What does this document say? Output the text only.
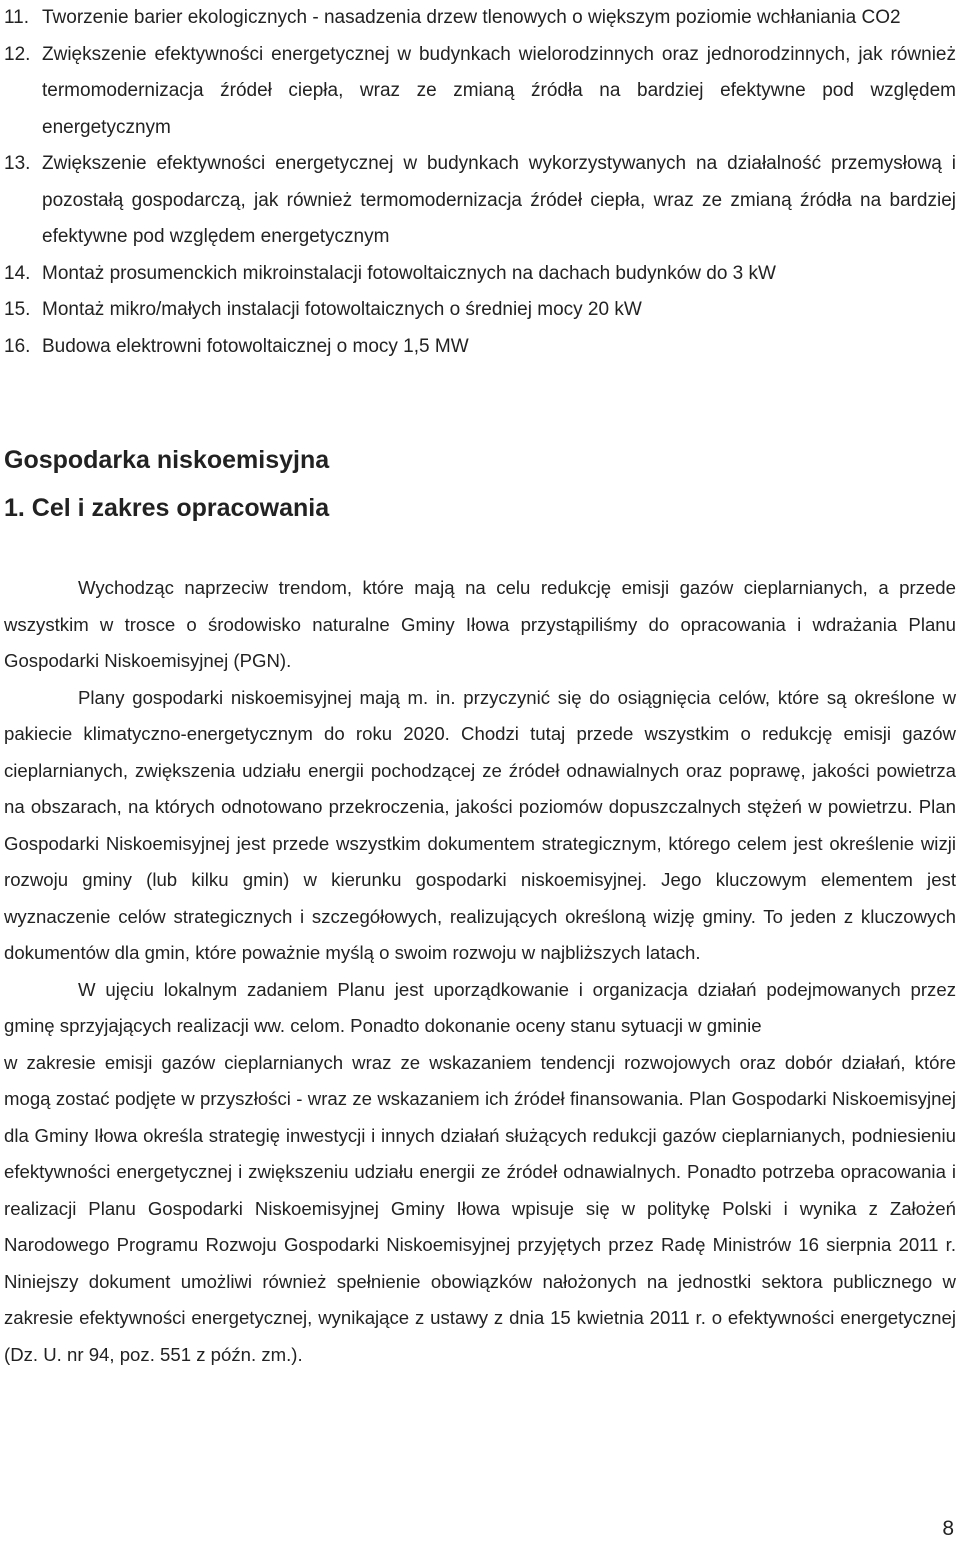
11. Tworzenie barier ekologicznych - nasadzenia drzew tlenowych o większym poziomie wchłaniania CO2
12. Zwiększenie efektywności energetycznej w budynkach wielorodzinnych oraz jednorodzinnych, jak również termomodernizacja źródeł ciepła, wraz ze zmianą źródła na bardziej efektywne pod względem energetycznym
13. Zwiększenie efektywności energetycznej w budynkach wykorzystywanych na działalność przemysłową i pozostałą gospodarczą, jak również termomodernizacja źródeł ciepła, wraz ze zmianą źródła na bardziej efektywne pod względem energetycznym
14. Montaż prosumenckich mikroinstalacji fotowoltaicznych na dachach budynków do 3 kW
15. Montaż mikro/małych instalacji fotowoltaicznych o średniej mocy 20 kW
16. Budowa elektrowni fotowoltaicznej o mocy 1,5 MW
Gospodarka niskoemisyjna
1. Cel i zakres opracowania

Wychodząc naprzeciw trendom, które mają na celu redukcję emisji gazów cieplarnianych, a przede wszystkim w trosce o środowisko naturalne Gminy Iłowa przystąpiliśmy do opracowania i wdrażania Planu Gospodarki Niskoemisyjnej (PGN).

Plany gospodarki niskoemisyjnej mają m. in. przyczynić się do osiągnięcia celów, które są określone w pakiecie klimatyczno-energetycznym do roku 2020. Chodzi tutaj przede wszystkim o redukcję emisji gazów cieplarnianych, zwiększenia udziału energii pochodzącej ze źródeł odnawialnych oraz poprawę, jakości powietrza na obszarach, na których odnotowano przekroczenia, jakości poziomów dopuszczalnych stężeń w powietrzu. Plan Gospodarki Niskoemisyjnej jest przede wszystkim dokumentem strategicznym, którego celem jest określenie wizji rozwoju gminy (lub kilku gmin) w kierunku gospodarki niskoemisyjnej. Jego kluczowym elementem jest wyznaczenie celów strategicznych i szczegółowych, realizujących określoną wizję gminy. To jeden z kluczowych dokumentów dla gmin, które poważnie myślą o swoim rozwoju w najbliższych latach.

W ujęciu lokalnym zadaniem Planu jest uporządkowanie i organizacja działań podejmowanych przez gminę sprzyjających realizacji ww. celom. Ponadto dokonanie oceny stanu sytuacji w gminie

w zakresie emisji gazów cieplarnianych wraz ze wskazaniem tendencji rozwojowych oraz dobór działań, które mogą zostać podjęte w przyszłości - wraz ze wskazaniem ich źródeł finansowania. Plan Gospodarki Niskoemisyjnej dla Gminy Iłowa określa strategię inwestycji i innych działań służących redukcji gazów cieplarnianych, podniesieniu efektywności energetycznej i zwiększeniu udziału energii ze źródeł odnawialnych. Ponadto potrzeba opracowania i realizacji Planu Gospodarki Niskoemisyjnej Gminy Iłowa wpisuje się w politykę Polski i wynika z Założeń Narodowego Programu Rozwoju Gospodarki Niskoemisyjnej przyjętych przez Radę Ministrów 16 sierpnia 2011 r. Niniejszy dokument umożliwi również spełnienie obowiązków nałożonych na jednostki sektora publicznego w zakresie efektywności energetycznej, wynikające z ustawy z dnia 15 kwietnia 2011 r. o efektywności energetycznej (Dz. U. nr 94, poz. 551 z późn. zm.).

8
